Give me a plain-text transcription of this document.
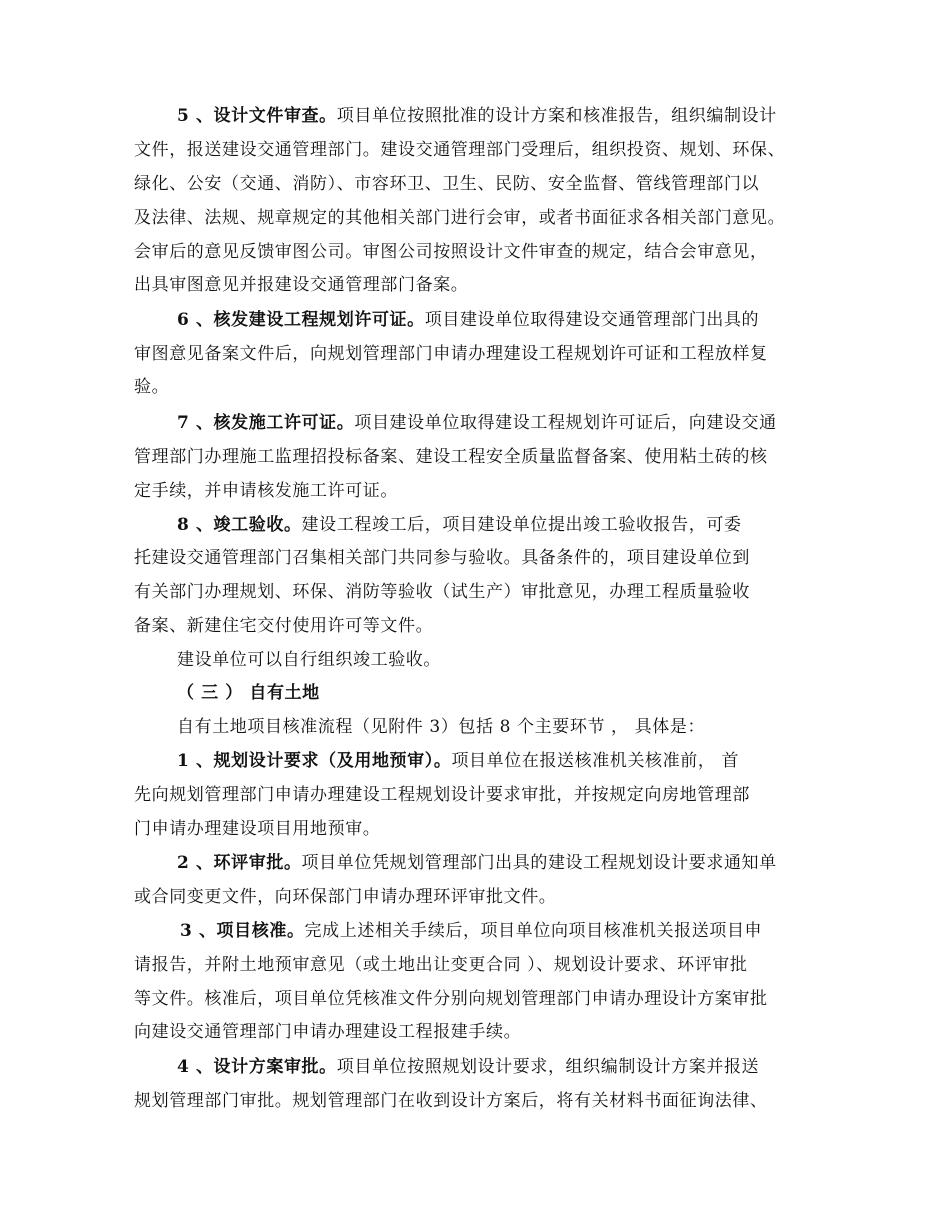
5 、设计文件审查。项目单位按照批准的设计方案和核准报告，组织编制设计
文件，报送建设交通管理部门。建设交通管理部门受理后，组织投资、规划、环保、
绿化、公安（交通、消防）、市容环卫、卫生、民防、安全监督、管线管理部门以
及法律、法规、规章规定的其他相关部门进行会审，或者书面征求各相关部门意见。
会审后的意见反馈审图公司。审图公司按照设计文件审查的规定，结合会审意见，
出具审图意见并报建设交通管理部门备案。
6 、核发建设工程规划许可证。项目建设单位取得建设交通管理部门出具的
审图意见备案文件后，向规划管理部门申请办理建设工程规划许可证和工程放样复
验。
7 、核发施工许可证。项目建设单位取得建设工程规划许可证后，向建设交通
管理部门办理施工监理招投标备案、建设工程安全质量监督备案、使用粘土砖的核
定手续，并申请核发施工许可证。
8 、竣工验收。建设工程竣工后，项目建设单位提出竣工验收报告，可委
托建设交通管理部门召集相关部门共同参与验收。具备条件的，项目建设单位到
有关部门办理规划、环保、消防等验收（试生产）审批意见，办理工程质量验收
备案、新建住宅交付使用许可等文件。
建设单位可以自行组织竣工验收。
（ 三 ） 自有土地
自有土地项目核准流程（见附件 3）包括 8 个主要环节 ， 具体是：
1 、规划设计要求（及用地预审）。项目单位在报送核准机关核准前， 首
先向规划管理部门申请办理建设工程规划设计要求审批，并按规定向房地管理部
门申请办理建设项目用地预审。
2 、环评审批。项目单位凭规划管理部门出具的建设工程规划设计要求通知单
或合同变更文件，向环保部门申请办理环评审批文件。
3 、项目核准。完成上述相关手续后，项目单位向项目核准机关报送项目申
请报告，并附土地预审意见（或土地出让变更合同 ）、规划设计要求、环评审批
等文件。核准后，项目单位凭核准文件分别向规划管理部门申请办理设计方案审批
向建设交通管理部门申请办理建设工程报建手续。
4 、设计方案审批。项目单位按照规划设计要求，组织编制设计方案并报送
规划管理部门审批。规划管理部门在收到设计方案后，将有关材料书面征询法律、
